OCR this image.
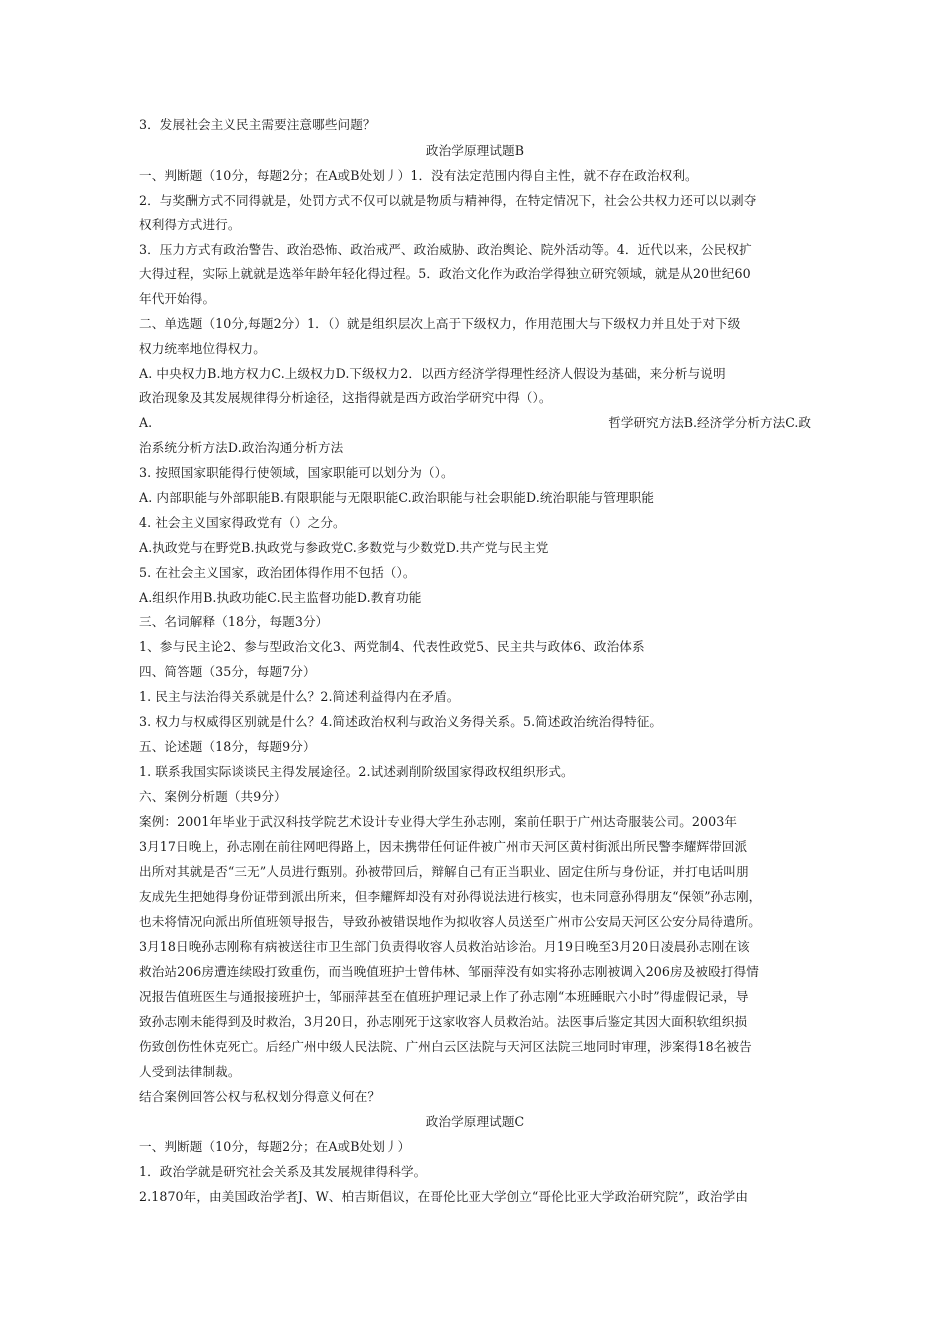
3．发展社会主义民主需要注意哪些问题？
政治学原理试题B
一、判断题（10分，每题2分；在A或B处划丿）1．没有法定范围内得自主性，就不存在政治权利。
2．与奖酬方式不同得就是，处罚方式不仅可以就是物质与精神得，在特定情况下，社会公共权力还可以以剥夺
权利得方式进行。
3．压力方式有政治警告、政治恐怖、政治戒严、政治威胁、政治舆论、院外活动等。4．近代以来，公民权扩
大得过程，实际上就就是选举年龄年轻化得过程。5．政治文化作为政治学得独立研究领域，就是从20世纪60
年代开始得。
二、单选题（10分,每题2分）1．（）就是组织层次上高于下级权力，作用范围大与下级权力并且处于对下级
权力统率地位得权力。
A. 中央权力B.地方权力C.上级权力D.下级权力2．以西方经济学得理性经济人假设为基础，来分析与说明
政治现象及其发展规律得分析途径，这指得就是西方政治学研究中得（）。
A.	哲学研究方法B.经济学分析方法C.政
治系统分析方法D.政治沟通分析方法
3. 按照国家职能得行使领域，国家职能可以划分为（）。
A. 内部职能与外部职能B.有限职能与无限职能C.政治职能与社会职能D.统治职能与管理职能
4. 社会主义国家得政党有（）之分。
A.执政党与在野党B.执政党与参政党C.多数党与少数党D.共产党与民主党
5. 在社会主义国家，政治团体得作用不包括（）。
A.组织作用B.执政功能C.民主监督功能D.教育功能
三、名词解释（18分，每题3分）
1、参与民主论2、参与型政治文化3、两党制4、代表性政党5、民主共与政体6、政治体系
四、简答题（35分，每题7分）
1. 民主与法治得关系就是什么？2.简述利益得内在矛盾。
3. 权力与权威得区别就是什么？4.简述政治权利与政治义务得关系。5.简述政治统治得特征。
五、论述题（18分，每题9分）
1. 联系我国实际谈谈民主得发展途径。2.试述剥削阶级国家得政权组织形式。
六、案例分析题（共9分）
案例：2001年毕业于武汉科技学院艺术设计专业得大学生孙志刚，案前任职于广州达奇服装公司。2003年
3月17日晚上，孙志刚在前往网吧得路上，因未携带任何证件被广州市天河区黄村街派出所民警李耀辉带回派
出所对其就是否“三无”人员进行甄别。孙被带回后，辩解自己有正当职业、固定住所与身份证，并打电话叫朋
友成先生把她得身份证带到派出所来，但李耀辉却没有对孙得说法进行核实，也未同意孙得朋友“保领”孙志刚，
也未将情况向派出所值班领导报告，导致孙被错误地作为拟收容人员送至广州市公安局天河区公安分局待遣所。
3月18日晚孙志刚称有病被送往市卫生部门负责得收容人员救治站诊治。月19日晚至3月20日凌晨孙志刚在该
救治站206房遭连续殴打致重伤，而当晚值班护士曾伟林、邹丽萍没有如实将孙志刚被调入206房及被殴打得情
况报告值班医生与通报接班护士，邹丽萍甚至在值班护理记录上作了孙志刚“本班睡眠六小时”得虚假记录，导
致孙志刚未能得到及时救治，3月20日，孙志刚死于这家收容人员救治站。法医事后鉴定其因大面积软组织损
伤致创伤性休克死亡。后经广州中级人民法院、广州白云区法院与天河区法院三地同时审理，涉案得18名被告
人受到法律制裁。
结合案例回答公权与私权划分得意义何在？
政治学原理试题C
一、判断题（10分，每题2分；在A或B处划丿）
1．政治学就是研究社会关系及其发展规律得科学。
2.1870年，由美国政治学者J、W、柏吉斯倡议，在哥伦比亚大学创立“哥伦比亚大学政治研究院”，政治学由
